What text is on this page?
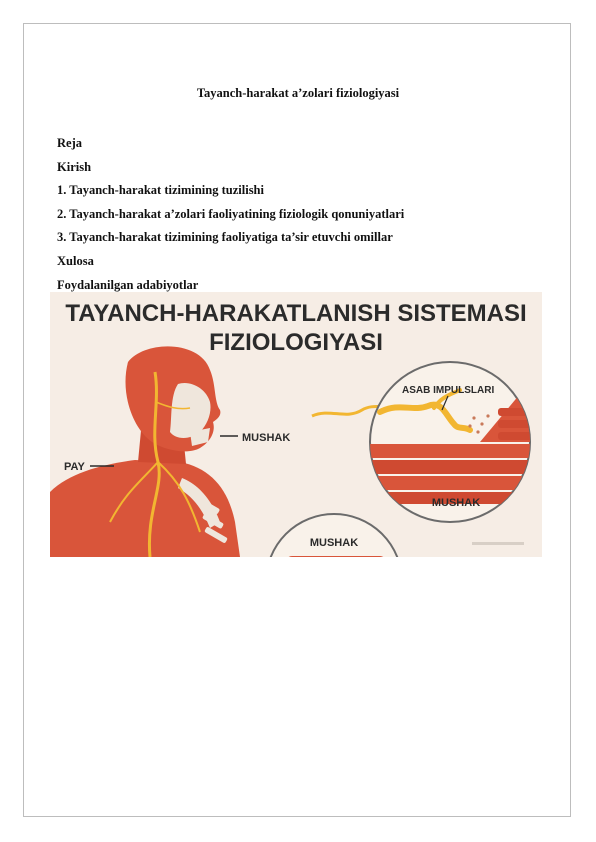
Tayanch-harakat a’zolari fiziologiyasi
Reja
Kirish
1. Tayanch-harakat tizimining tuzilishi
2. Tayanch-harakat a’zolari faoliyatining fiziologik qonuniyatlari
3. Tayanch-harakat tizimining faoliyatiga ta’sir etuvchi omillar
Xulosa
Foydalanilgan adabiyotlar
TAYANCH-HARAKATLANISH SISTEMASI
FIZIOLOGIYASI
MUSHAK
PAY
ASAB IMPULSLARI
MUSHAK
MUSHAK
